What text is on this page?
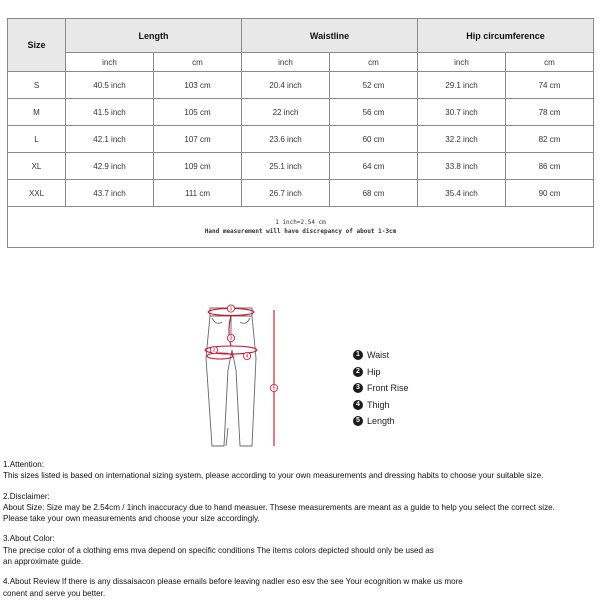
Size	Length		Waistline		Hip circumference	
	inch	cm	inch	cm	inch	cm
S	40.5 inch	103 cm	20.4 inch	52 cm	29.1 inch	74 cm
M	41.5 inch	105 cm	22 inch	56 cm	30.7 inch	78 cm
L	42.1 inch	107 cm	23.6 inch	60 cm	32.2 inch	82 cm
XL	42.9 inch	109 cm	25.1 inch	64 cm	33.8 inch	86 cm
XXL	43.7 inch	111 cm	26.7 inch	68 cm	35.4 inch	90 cm

1 inch=2.54 cm
Hand measurement will have discrepancy of about 1-3cm						
1
2
3
4
5
1 Waist
2 Hip
3 Front Rise
4 Thigh
5 Length
1.Attention:
This sizes listed is based on international sizing system, please according to your own measurements and dressing habits to choose your suitable size.
2.Disclaimer:
About Size: Size may be 2.54cm / 1inch inaccuracy due to hand measuer. Thsese measurements are meant as a guide to help you select the correct size.
Please take your own measurements and choose your size accordingly.
3.About Color:
The precise color of a clothing ems mva depend on specific conditions The items colors depicted should only be used as
an approximate guide.
4.About Review If there is any dissaisacon please emails before leaving nadler eso esv the see Your ecognition w make us more
conent and serve you better.
